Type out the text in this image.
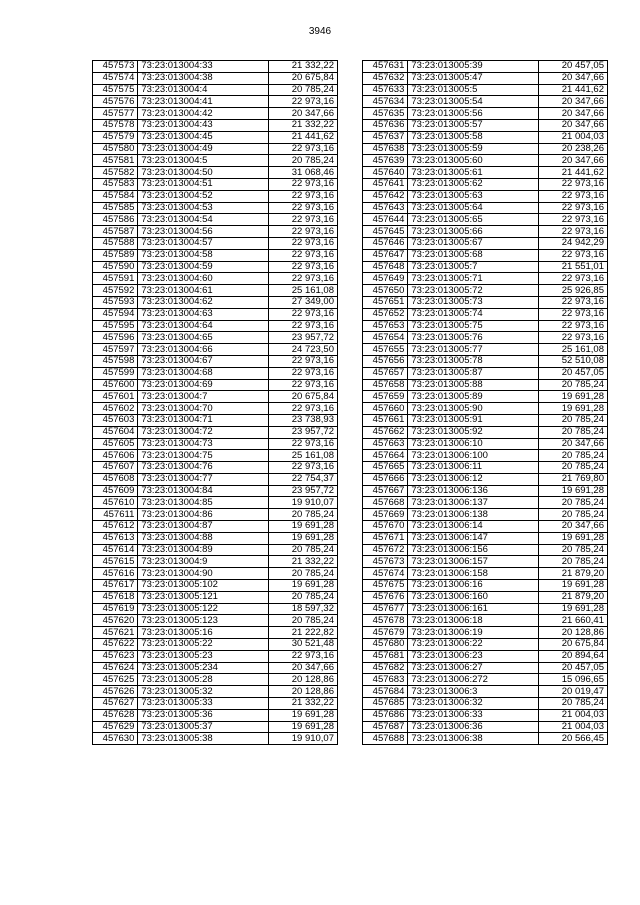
3946
457573	73:23:013004:33	21 332,22
457574	73:23:013004:38	20 675,84
457575	73:23:013004:4	20 785,24
457576	73:23:013004:41	22 973,16
457577	73:23:013004:42	20 347,66
457578	73:23:013004:43	21 332,22
457579	73:23:013004:45	21 441,62
457580	73:23:013004:49	22 973,16
457581	73:23:013004:5	20 785,24
457582	73:23:013004:50	31 068,46
457583	73:23:013004:51	22 973,16
457584	73:23:013004:52	22 973,16
457585	73:23:013004:53	22 973,16
457586	73:23:013004:54	22 973,16
457587	73:23:013004:56	22 973,16
457588	73:23:013004:57	22 973,16
457589	73:23:013004:58	22 973,16
457590	73:23:013004:59	22 973,16
457591	73:23:013004:60	22 973,16
457592	73:23:013004:61	25 161,08
457593	73:23:013004:62	27 349,00
457594	73:23:013004:63	22 973,16
457595	73:23:013004:64	22 973,16
457596	73:23:013004:65	23 957,72
457597	73:23:013004:66	24 723,50
457598	73:23:013004:67	22 973,16
457599	73:23:013004:68	22 973,16
457600	73:23:013004:69	22 973,16
457601	73:23:013004:7	20 675,84
457602	73:23:013004:70	22 973,16
457603	73:23:013004:71	23 738,93
457604	73:23:013004:72	23 957,72
457605	73:23:013004:73	22 973,16
457606	73:23:013004:75	25 161,08
457607	73:23:013004:76	22 973,16
457608	73:23:013004:77	22 754,37
457609	73:23:013004:84	23 957,72
457610	73:23:013004:85	19 910,07
457611	73:23:013004:86	20 785,24
457612	73:23:013004:87	19 691,28
457613	73:23:013004:88	19 691,28
457614	73:23:013004:89	20 785,24
457615	73:23:013004:9	21 332,22
457616	73:23:013004:90	20 785,24
457617	73:23:013005:102	19 691,28
457618	73:23:013005:121	20 785,24
457619	73:23:013005:122	18 597,32
457620	73:23:013005:123	20 785,24
457621	73:23:013005:16	21 222,82
457622	73:23:013005:22	30 521,48
457623	73:23:013005:23	22 973,16
457624	73:23:013005:234	20 347,66
457625	73:23:013005:28	20 128,86
457626	73:23:013005:32	20 128,86
457627	73:23:013005:33	21 332,22
457628	73:23:013005:36	19 691,28
457629	73:23:013005:37	19 691,28
457630	73:23:013005:38	19 910,07
457631	73:23:013005:39	20 457,05
457632	73:23:013005:47	20 347,66
457633	73:23:013005:5	21 441,62
457634	73:23:013005:54	20 347,66
457635	73:23:013005:56	20 347,66
457636	73:23:013005:57	20 347,66
457637	73:23:013005:58	21 004,03
457638	73:23:013005:59	20 238,26
457639	73:23:013005:60	20 347,66
457640	73:23:013005:61	21 441,62
457641	73:23:013005:62	22 973,16
457642	73:23:013005:63	22 973,16
457643	73:23:013005:64	22 973,16
457644	73:23:013005:65	22 973,16
457645	73:23:013005:66	22 973,16
457646	73:23:013005:67	24 942,29
457647	73:23:013005:68	22 973,16
457648	73:23:013005:7	21 551,01
457649	73:23:013005:71	22 973,16
457650	73:23:013005:72	25 926,85
457651	73:23:013005:73	22 973,16
457652	73:23:013005:74	22 973,16
457653	73:23:013005:75	22 973,16
457654	73:23:013005:76	22 973,16
457655	73:23:013005:77	25 161,08
457656	73:23:013005:78	52 510,08
457657	73:23:013005:87	20 457,05
457658	73:23:013005:88	20 785,24
457659	73:23:013005:89	19 691,28
457660	73:23:013005:90	19 691,28
457661	73:23:013005:91	20 785,24
457662	73:23:013005:92	20 785,24
457663	73:23:013006:10	20 347,66
457664	73:23:013006:100	20 785,24
457665	73:23:013006:11	20 785,24
457666	73:23:013006:12	21 769,80
457667	73:23:013006:136	19 691,28
457668	73:23:013006:137	20 785,24
457669	73:23:013006:138	20 785,24
457670	73:23:013006:14	20 347,66
457671	73:23:013006:147	19 691,28
457672	73:23:013006:156	20 785,24
457673	73:23:013006:157	20 785,24
457674	73:23:013006:158	21 879,20
457675	73:23:013006:16	19 691,28
457676	73:23:013006:160	21 879,20
457677	73:23:013006:161	19 691,28
457678	73:23:013006:18	21 660,41
457679	73:23:013006:19	20 128,86
457680	73:23:013006:22	20 675,84
457681	73:23:013006:23	20 894,64
457682	73:23:013006:27	20 457,05
457683	73:23:013006:272	15 096,65
457684	73:23:013006:3	20 019,47
457685	73:23:013006:32	20 785,24
457686	73:23:013006:33	21 004,03
457687	73:23:013006:36	21 004,03
457688	73:23:013006:38	20 566,45
